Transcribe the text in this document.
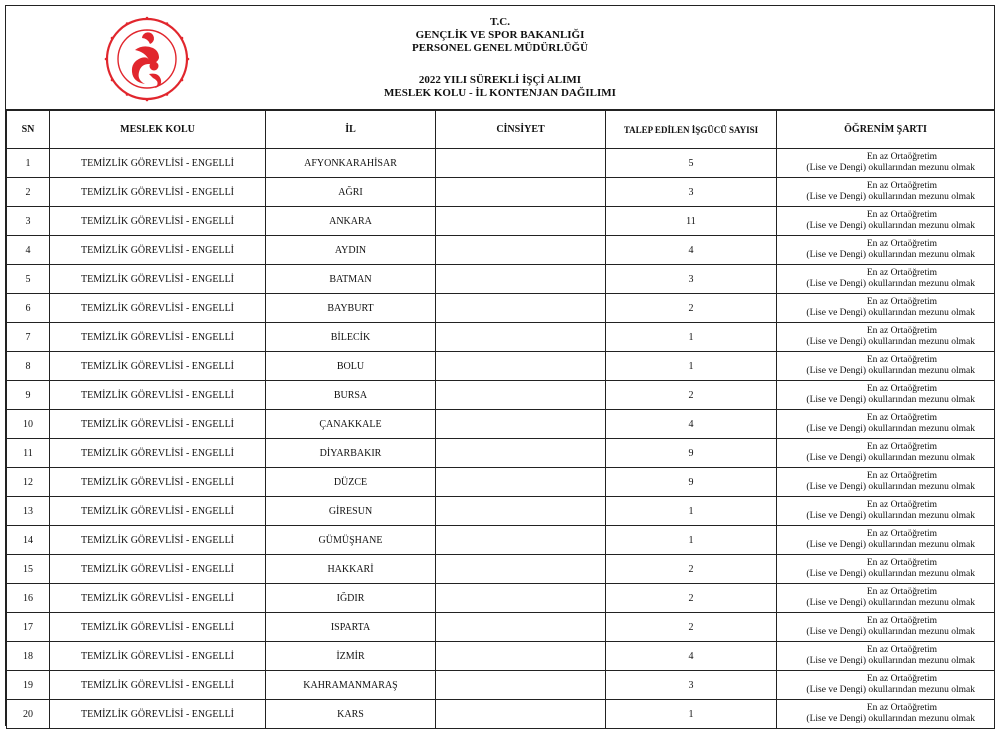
·
T.C.
GENÇLİK VE SPOR BAKANLIĞI
PERSONEL GENEL MÜDÜRLÜĞÜ
2022 YILI SÜREKLİ İŞÇİ ALIMI
MESLEK KOLU - İL KONTENJAN DAĞILIMI
SN	MESLEK KOLU	İL	CİNSİYET	TALEP EDİLEN İŞGÜCÜ SAYISI	ÖĞRENİM ŞARTI
1	TEMİZLİK GÖREVLİSİ - ENGELLİ	AFYONKARAHİSAR		5	En az Ortaöğretim
(Lise ve Dengi) okullarından mezunu olmak

2	TEMİZLİK GÖREVLİSİ - ENGELLİ	AĞRI		3	En az Ortaöğretim
(Lise ve Dengi) okullarından mezunu olmak

3	TEMİZLİK GÖREVLİSİ - ENGELLİ	ANKARA		11	En az Ortaöğretim
(Lise ve Dengi) okullarından mezunu olmak

4	TEMİZLİK GÖREVLİSİ - ENGELLİ	AYDIN		4	En az Ortaöğretim
(Lise ve Dengi) okullarından mezunu olmak

5	TEMİZLİK GÖREVLİSİ - ENGELLİ	BATMAN		3	En az Ortaöğretim
(Lise ve Dengi) okullarından mezunu olmak

6	TEMİZLİK GÖREVLİSİ - ENGELLİ	BAYBURT		2	En az Ortaöğretim
(Lise ve Dengi) okullarından mezunu olmak

7	TEMİZLİK GÖREVLİSİ - ENGELLİ	BİLECİK		1	En az Ortaöğretim
(Lise ve Dengi) okullarından mezunu olmak

8	TEMİZLİK GÖREVLİSİ - ENGELLİ	BOLU		1	En az Ortaöğretim
(Lise ve Dengi) okullarından mezunu olmak

9	TEMİZLİK GÖREVLİSİ - ENGELLİ	BURSA		2	En az Ortaöğretim
(Lise ve Dengi) okullarından mezunu olmak

10	TEMİZLİK GÖREVLİSİ - ENGELLİ	ÇANAKKALE		4	En az Ortaöğretim
(Lise ve Dengi) okullarından mezunu olmak

11	TEMİZLİK GÖREVLİSİ - ENGELLİ	DİYARBAKIR		9	En az Ortaöğretim
(Lise ve Dengi) okullarından mezunu olmak

12	TEMİZLİK GÖREVLİSİ - ENGELLİ	DÜZCE		9	En az Ortaöğretim
(Lise ve Dengi) okullarından mezunu olmak

13	TEMİZLİK GÖREVLİSİ - ENGELLİ	GİRESUN		1	En az Ortaöğretim
(Lise ve Dengi) okullarından mezunu olmak

14	TEMİZLİK GÖREVLİSİ - ENGELLİ	GÜMÜŞHANE		1	En az Ortaöğretim
(Lise ve Dengi) okullarından mezunu olmak

15	TEMİZLİK GÖREVLİSİ - ENGELLİ	HAKKARİ		2	En az Ortaöğretim
(Lise ve Dengi) okullarından mezunu olmak

16	TEMİZLİK GÖREVLİSİ - ENGELLİ	IĞDIR		2	En az Ortaöğretim
(Lise ve Dengi) okullarından mezunu olmak

17	TEMİZLİK GÖREVLİSİ - ENGELLİ	ISPARTA		2	En az Ortaöğretim
(Lise ve Dengi) okullarından mezunu olmak

18	TEMİZLİK GÖREVLİSİ - ENGELLİ	İZMİR		4	En az Ortaöğretim
(Lise ve Dengi) okullarından mezunu olmak

19	TEMİZLİK GÖREVLİSİ - ENGELLİ	KAHRAMANMARAŞ		3	En az Ortaöğretim
(Lise ve Dengi) okullarından mezunu olmak

20	TEMİZLİK GÖREVLİSİ - ENGELLİ	KARS		1	En az Ortaöğretim
(Lise ve Dengi) okullarından mezunu olmak
